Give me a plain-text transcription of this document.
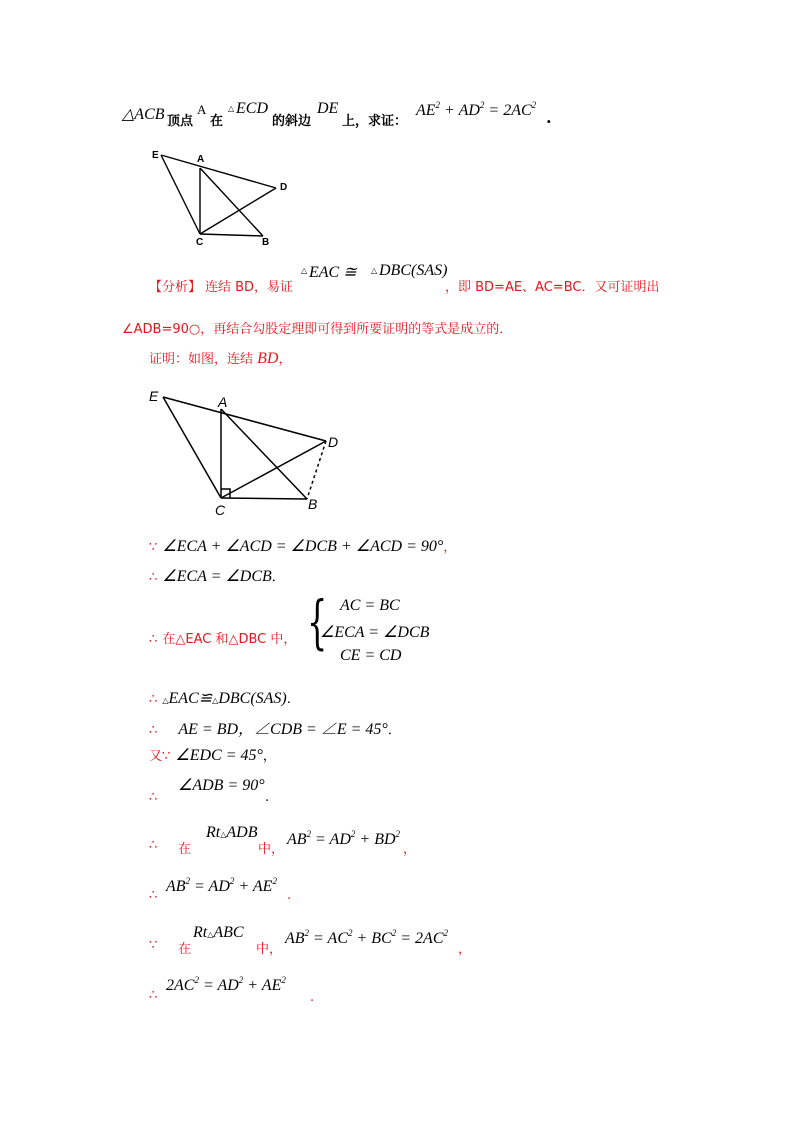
△ACB 顶点
A
在
△ ECD
的斜边
DE
上，求证：
$AE^2 + AD^2 = 2AC^2$
.
E	A
D
C	B
【分析】 连结 BD，易证
△ EAC ≅ △ DBC(SAS)
，即 BD=AE、AC=BC．又可证明出
∠ADB=90○，再结合勾股定理即可得到所要证明的等式是成立的．
证明：如图，连结 BD，
E	A
D
C	B
∵ ∠ECA + ∠ACD = ∠DCB + ∠ACD = 90°，
∴ ∠ECA = ∠DCB．
∴ 在△EAC 和△DBC 中， { AC = BC
∠ECA = ∠DCB
CE = CD
∴ △EAC≌△DBC(SAS).
∴ AE = BD，∠CDB = ∠E = 45°．
又∵ ∠EDC = 45°，
∴
∠ADB = 90°
.
∴ 在
Rt△ADB
中，
$AB^2 = AD^2 + BD^2$
，
∴
$AB^2 = AD^2 + AE^2$
.
∵ 在
Rt△ABC
中，
$AB^2 = AC^2 + BC^2 = 2AC^2$
，
∴
$2AC^2 = AD^2 + AE^2$
.
